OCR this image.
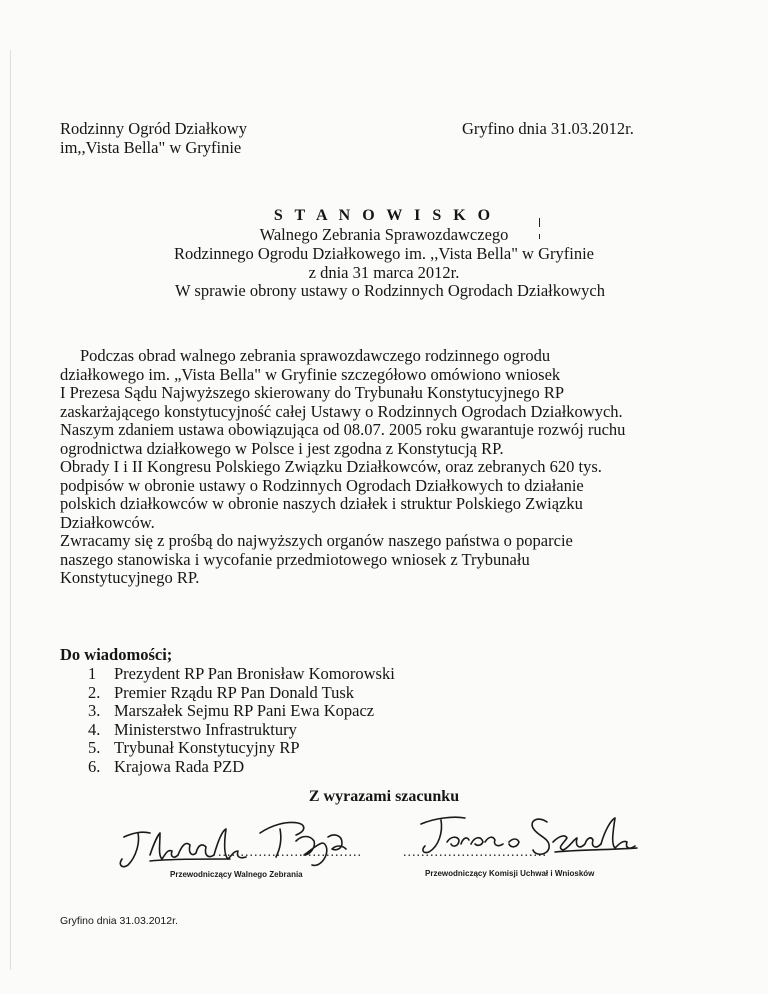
Rodzinny Ogród Działkowy
im,,Vista Bella" w Gryfinie
Gryfino dnia 31.03.2012r.
S T A N O W I S K O
Walnego Zebrania Sprawozdawczego
Rodzinnego Ogrodu Działkowego im. ,,Vista Bella" w Gryfinie
z dnia 31 marca 2012r.
W sprawie obrony ustawy o Rodzinnych Ogrodach Działkowych
Podczas obrad walnego zebrania sprawozdawczego rodzinnego ogrodu
działkowego im. „Vista Bella" w Gryfinie szczegółowo omówiono wniosek
I Prezesa Sądu Najwyższego skierowany do Trybunału Konstytucyjnego RP
zaskarżającego konstytucyjność całej Ustawy o Rodzinnych Ogrodach Działkowych.
Naszym zdaniem ustawa obowiązująca od 08.07. 2005 roku gwarantuje rozwój ruchu
ogrodnictwa działkowego w Polsce i jest zgodna z Konstytucją RP.
Obrady I i II Kongresu Polskiego Związku Działkowców, oraz zebranych 620 tys.
podpisów w obronie ustawy o Rodzinnych Ogrodach Działkowych to działanie
polskich działkowców w obronie naszych działek i struktur Polskiego Związku
Działkowców.
Zwracamy się z prośbą do najwyższych organów naszego państwa o poparcie
naszego stanowiska i wycofanie przedmiotowego wniosek z Trybunału
Konstytucyjnego RP.
Do wiadomości;
1 Prezydent RP Pan Bronisław Komorowski
2. Premier Rządu RP Pan Donald Tusk
3. Marszałek Sejmu RP Pani Ewa Kopacz
4. Ministerstwo Infrastruktury
5. Trybunał Konstytucyjny RP
6. Krajowa Rada PZD
Z wyrazami szacunku
................................
Przewodniczący Walnego Zebrania
................................
Przewodniczący Komisji Uchwał i Wniosków
Gryfino dnia 31.03.2012r.
